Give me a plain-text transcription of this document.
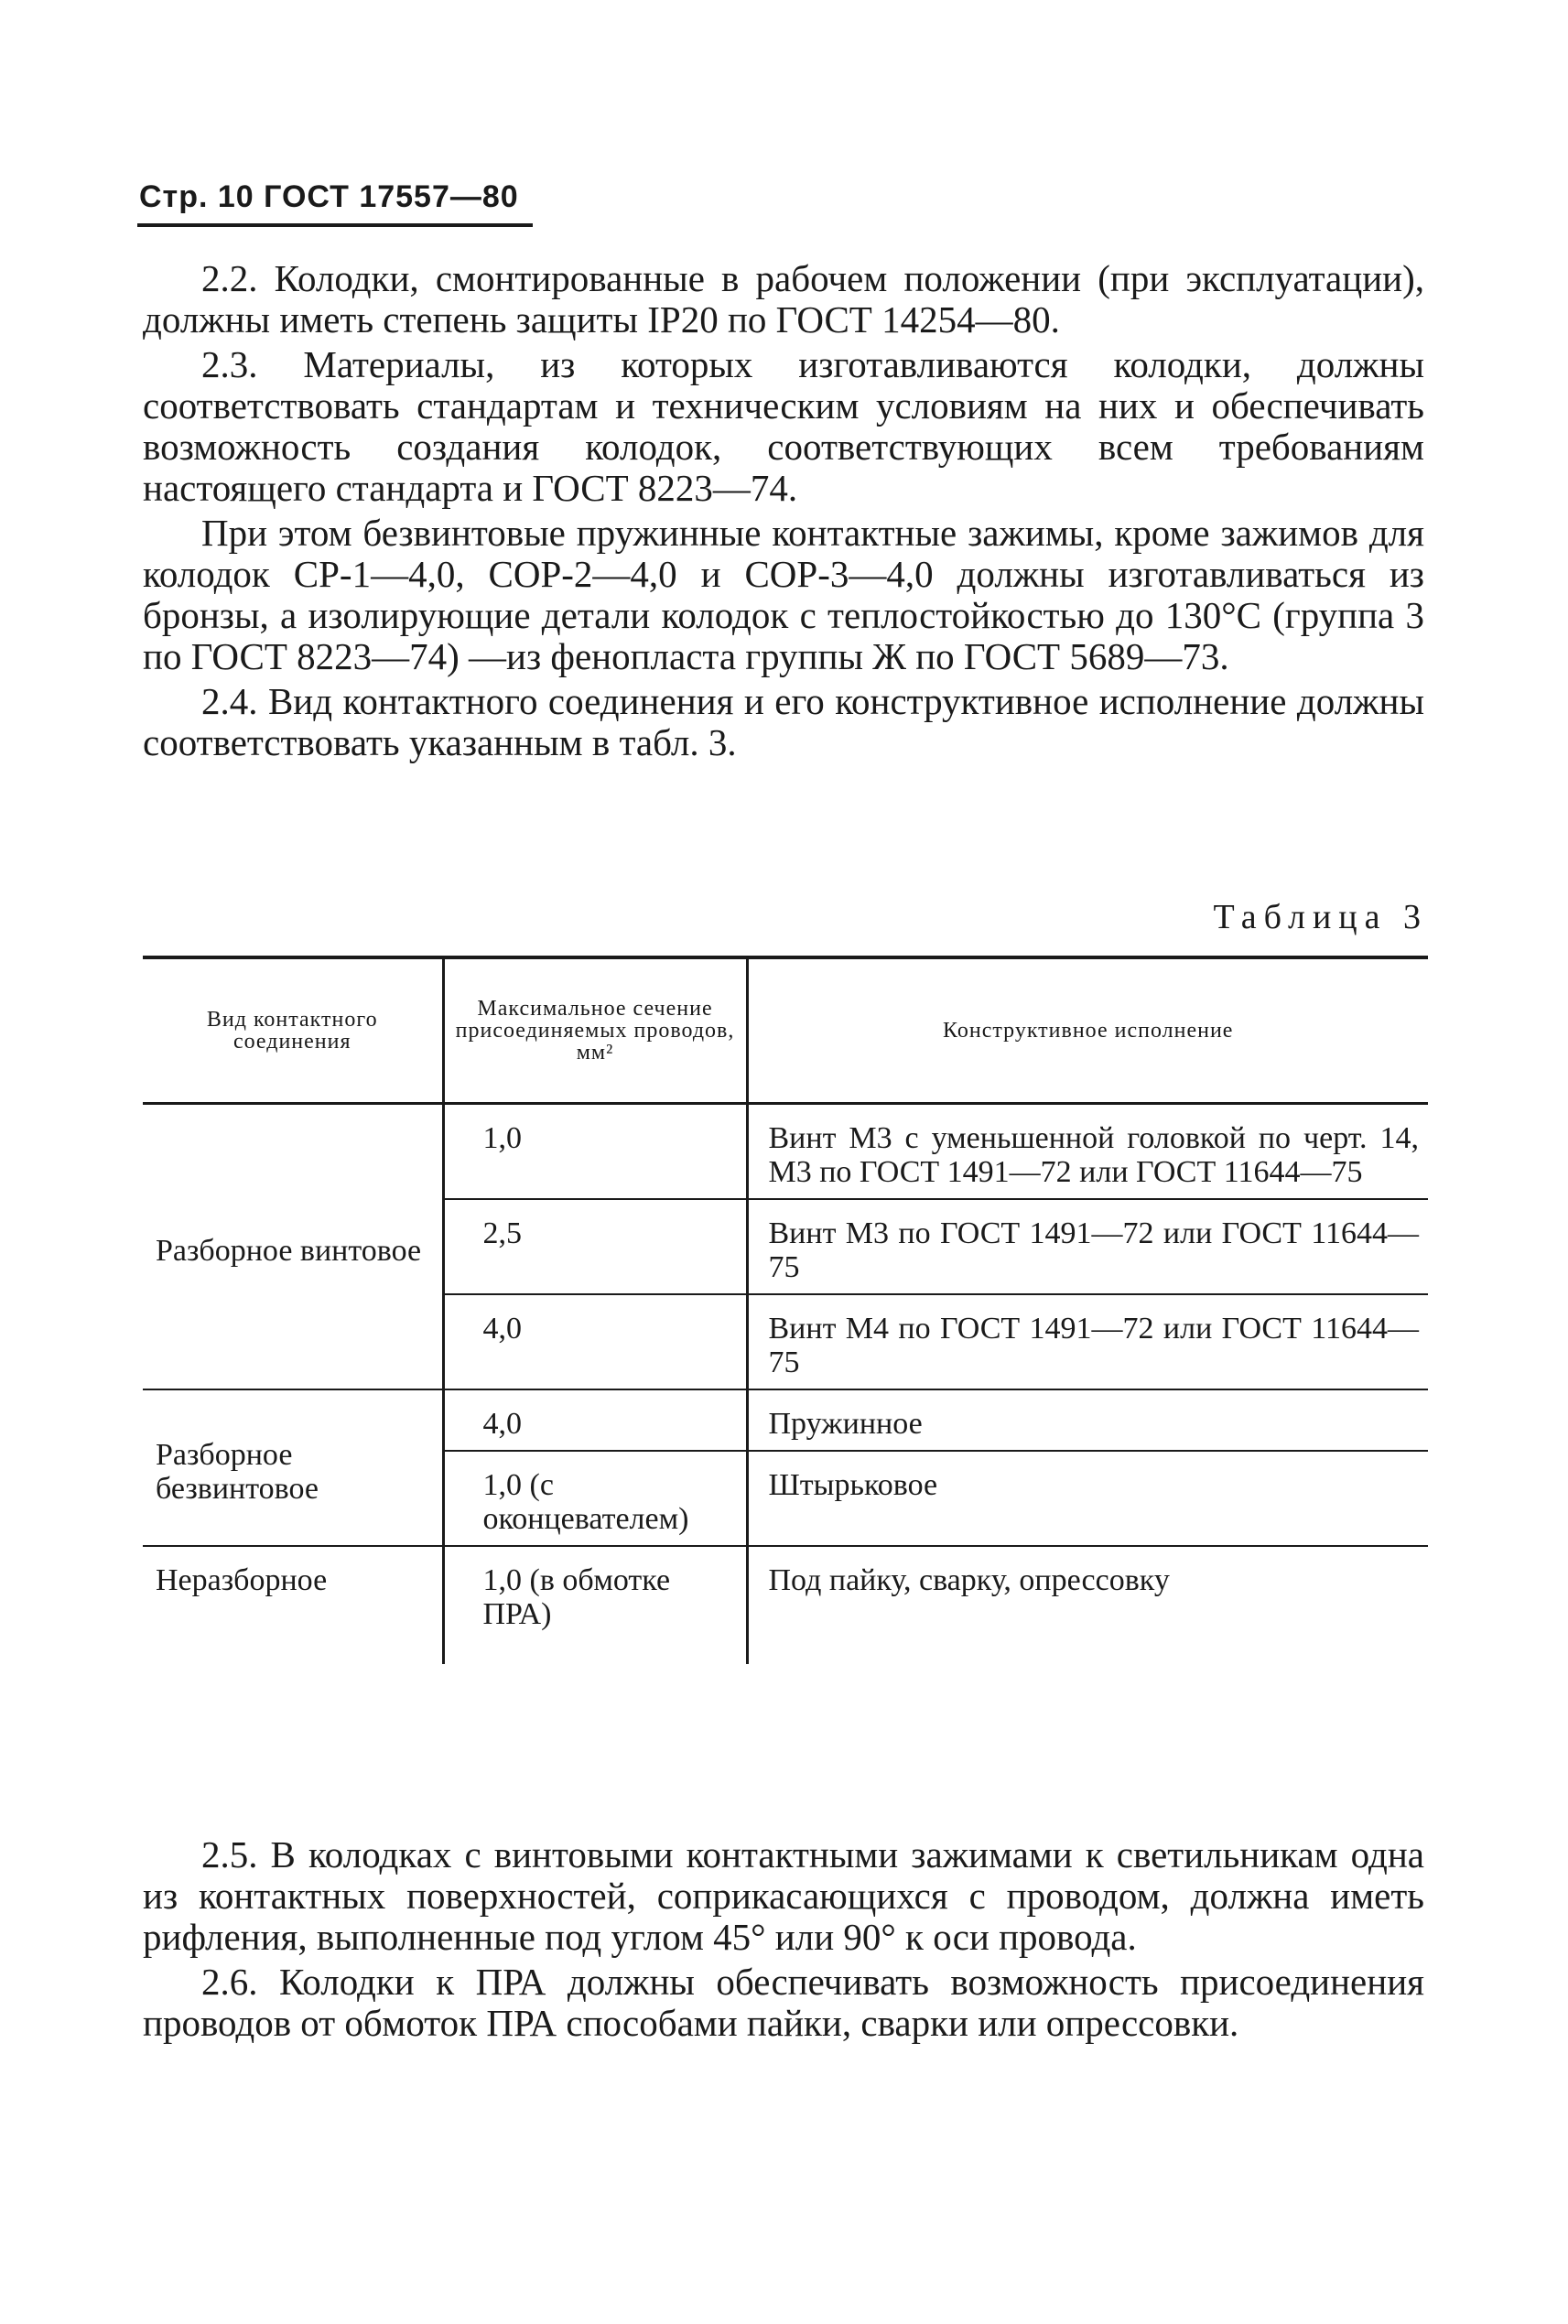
Стр. 10 ГОСТ 17557—80

2.2. Колодки, смонтированные в рабочем положении (при эксплуатации), должны иметь степень защиты IP20 по ГОСТ 14254—80.

2.3. Материалы, из которых изготавливаются колодки, должны соответствовать стандартам и техническим условиям на них и обеспечивать возможность создания колодок, соответствующих всем требованиям настоящего стандарта и ГОСТ 8223—74.

При этом безвинтовые пружинные контактные зажимы, кроме зажимов для колодок СР-1—4,0, СОР-2—4,0 и СОР-3—4,0 должны изготавливаться из бронзы, а изолирующие детали колодок с теплостойкостью до 130°С (группа 3 по ГОСТ 8223—74) —из фенопласта группы Ж по ГОСТ 5689—73.

2.4. Вид контактного соединения и его конструктивное исполнение должны соответствовать указанным в табл. 3.

Таблица 3
Вид контактного соединения	Максимальное сечение присоединяемых проводов, мм²	Конструктивное исполнение
Разборное винтовое	1,0	Винт М3 с уменьшенной головкой по черт. 14, М3 по ГОСТ 1491—72 или ГОСТ 11644—75

	2,5	Винт М3 по ГОСТ 1491—72 или ГОСТ 11644—75

	4,0	Винт М4 по ГОСТ 1491—72 или ГОСТ 11644—75
Разборное безвинтовое	4,0	Пружинное

	1,0 (с оконцевателем)	Штырьковое
Неразборное	1,0 (в обмотке ПРА)	Под пайку, сварку, опрессовку

2.5. В колодках с винтовыми контактными зажимами к светильникам одна из контактных поверхностей, соприкасающихся с проводом, должна иметь рифления, выполненные под углом 45° или 90° к оси провода.

2.6. Колодки к ПРА должны обеспечивать возможность присоединения проводов от обмоток ПРА способами пайки, сварки или опрессовки.
